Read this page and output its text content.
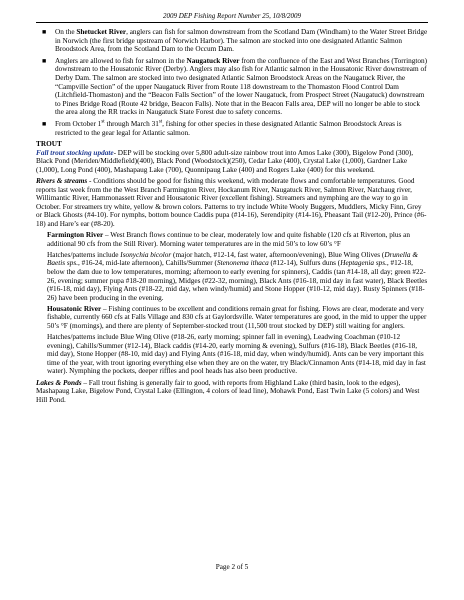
2009 DEP Fishing Report Number 25, 10/8/2009
■ On the Shetucket River, anglers can fish for salmon downstream from the Scotland Dam (Windham) to the Water Street Bridge in Norwich (the first bridge upstream of Norwich Harbor). The salmon are stocked into one designated Atlantic Salmon Broodstock Area, from the Scotland Dam to the Occum Dam.
■ Anglers are allowed to fish for salmon in the Naugatuck River from the confluence of the East and West Branches (Torrington) downstream to the Housatonic River (Derby). Anglers may also fish for Atlantic salmon in the Housatonic River downstream of Derby Dam. The salmon are stocked into two designated Atlantic Salmon Broodstock Areas on the Naugatuck River, the “Campville Section” of the upper Naugatuck River from Route 118 downstream to the Thomaston Flood Control Dam (Litchfield-Thomaston) and the “Beacon Falls Section” of the lower Naugatuck, from Prospect Street (Naugatuck) downstream to Pines Bridge Road (Route 42 bridge, Beacon Falls). Note that in the Beacon Falls area, DEP will no longer be able to stock the area along the RR tracks in Naugatuck State Forest due to safety concerns.
■ From October 1st through March 31st, fishing for other species in these designated Atlantic Salmon Broodstock Areas is restricted to the gear legal for Atlantic salmon.

TROUT

Fall trout stocking update- DEP will be stocking over 5,800 adult-size rainbow trout into Amos Lake (300), Bigelow Pond (300), Black Pond (Meriden/Middlefield)(400), Black Pond (Woodstock)(250), Cedar Lake (400), Crystal Lake (1,000), Gardner Lake (1,000), Long Pond (400), Mashapaug Lake (700), Quonnipaug Lake (400) and Rogers Lake (400) for this weekend.

Rivers & streams - Conditions should be good for fishing this weekend, with moderate flows and comfortable temperatures. Good reports last week from the the West Branch Farmington River, Hockanum River, Naugatuck River, Salmon River, Natchaug river, Willimantic River, Hammonassett River and Housatonic River (excellent fishing). Streamers and nymphing are the way to go in October. For streamers try white, yellow & brown colors. Patterns to try include White Wooly Buggers, Muddlers, Micky Finn, Grey or Black Ghosts (#4-10). For nymphs, bottom bounce Caddis pupa (#14-16), Serendipity (#14-16), Pheasant Tail (#12-20), Prince (#6-18) and Hare’s ear (#8-20).

Farmington River – West Branch flows continue to be clear, moderately low and quite fishable (120 cfs at Riverton, plus an additional 90 cfs from the Still River). Morning water temperatures are in the mid 50’s to low 60’s °F

Hatches/patterns include Isonychia bicolor (major hatch, #12-14, fast water, afternoon/evening), Blue Wing Olives (Drunella & Baetis sps., #16-24, mid-late afternoon), Cahills/Summer (Stenonema ithaca (#12-14), Sulfurs duns (Heptagenia sps., #12-18, below the dam due to low temperatures, morning; afternoon to early evening for spinners), Caddis (tan #14-18, all day; green #22-26, evening; summer pupa #18-20 morning), Midges (#22-32, morning), Black Ants (#16-18, mid day in fast water), Black Beetles (#16-18, mid day), Flying Ants (#18-22, mid day, when windy/humid) and Stone Hopper (#10-12, mid day). Rusty Spinners (#18-26) have been producing in the evening.

Housatonic River – Fishing continues to be excellent and conditions remain great for fishing. Flows are clear, moderate and very fishable, currently 660 cfs at Falls Village and 830 cfs at Gaylordsville. Water temperatures are good, in the mid to upper the upper 50’s °F (mornings), and there are plenty of September-stocked trout (11,500 trout stocked by DEP) still waiting for anglers.

Hatches/patterns include Blue Wing Olive (#18-26, early morning; spinner fall in evening), Leadwing Coachman (#10-12 evening), Cahills/Summer (#12-14), Black caddis (#14-20, early morning & evening), Sulfurs (#16-18), Black Beetles (#16-18, mid day), Stone Hopper (#8-10, mid day) and Flying Ants (#16-18, mid day, when windy/humid). Ants can be very important this time of the year, with trout ignoring everything else when they are on the water, try Black/Cinnamon Ants (#14-18, mid day in fast water). Nymphing the pockets, deeper riffles and pool heads has also been productive.

Lakes & Ponds – Fall trout fishing is generally fair to good, with reports from Highland Lake (third basin, look to the edges), Mashapaug Lake, Bigelow Pond, Crystal Lake (Ellington, 4 colors of lead line), Mohawk Pond, East Twin Lake (5 colors) and West Hill Pond.

Page 2 of 5
